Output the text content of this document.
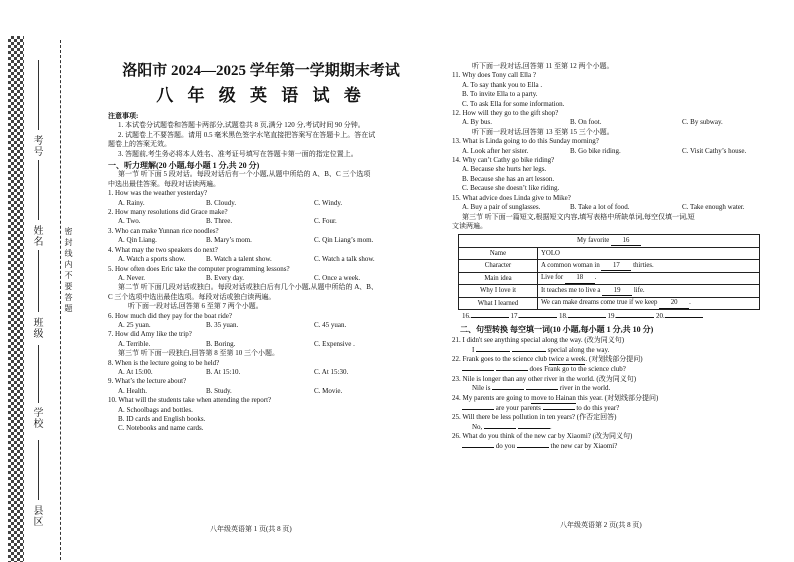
考号
姓名
班级
学校
县区
密 封 线 内 不 要 答 题
洛阳市 2024—2025 学年第一学期期末考试
八 年 级 英 语 试 卷
注意事项:
1. 本试卷分试题卷和答题卡两部分,试题卷共 8 页,满分 120 分,考试时间 90 分钟。
2. 试题卷上不要答题。请用 0.5 毫米黑色签字水笔直接把答案写在答题卡上。答在试
题卷上的答案无效。
3. 答题前,考生务必将本人姓名、准考证号填写在答题卡第一面的指定位置上。
一、听力理解(20 小题,每小题 1 分,共 20 分)
第一节 听下面 5 段对话。每段对话后有一个小题,从题中所给的 A、B、C 三个选项
中选出最佳答案。每段对话读两遍。
1. How was the weather yesterday?
A. Rainy.	B. Cloudy.	C. Windy.
2. How many resolutions did Grace make?
A. Two.	B. Three.	C. Four.
3. Who can make Yunnan rice noodles?
A. Qin Liang.	B. Mary’s mom.	C. Qin Liang’s mom.
4. What may the two speakers do next?
A. Watch a sports show.	B. Watch a talent show.	C. Watch a talk show.
5. How often does Eric take the computer programming lessons?
A. Never.	B. Every day.	C. Once a week.
第二节 听下面几段对话或独白。每段对话或独白后有几个小题,从题中所给的 A、B、
C 三个选项中选出最佳选项。每段对话或独白读两遍。
听下面一段对话,回答第 6 至第 7 两个小题。
6. How much did they pay for the boat ride?
A. 25 yuan.	B. 35 yuan.	C. 45 yuan.
7. How did Amy like the trip?
A. Terrible.	B. Boring.	C. Expensive .
第三节 听下面一段独白,回答第 8 至第 10 三个小题。
8. When is the lecture going to be held?
A. At 15:00.	B. At 15:10.	C. At 15:30.
9. What’s the lecture about?
A. Health.	B. Study.	C. Movie.
10. What will the students take when attending the report?
A. Schoolbags and bottles.
B. ID cards and English books.
C. Notebooks and name cards.
八年级英语第 1 页(共 8 页)
听下面一段对话,回答第 11 至第 12 两个小题。
11. Why does Tony call Ella ?
A. To say thank you to Ella .
B. To invite Ella to a party.
C. To ask Ella for some information.
12. How will they go to the gift shop?
A. By bus.	B. On foot.	C. By subway.
听下面一段对话,回答第 13 至第 15 三个小题。
13. What is Linda going to do this Sunday morning?
A. Look after her sister.	B. Go bike riding.	C. Visit Cathy’s house.
14. Why can’t Cathy go bike riding?
A. Because she hurts her legs.
B. Because she has an art lesson.
C. Because she doesn’t like riding.
15. What advice does Linda give to Mike?
A. Buy a pair of sunglasses.	B. Take a lot of food.	C. Take enough water.
第三节 听下面一篇短文,根据短文内容,填写表格中所缺单词,每空仅填一词,短
文读两遍。
My favorite 16	
Name	YOLO
Character	A common woman in 17 thirties.
Main idea	Live for 18 .
Why I love it	It teaches me to live a 19 life.
What I learned	We can make dreams come true if we keep 20 .
16.	17.	18.	19.	20.
二、句型转换 每空填一词(10 小题,每小题 1 分,共 10 分)
21. I didn't see anything special along the way. (改为同义句)
I	special along the way.
22. Frank goes to the science club twice a week. (对划线部分提问)
does Frank go to the science club?
23. Nile is longer than any other river in the world. (改为同义句)
Nile is	river in the world.
24. My parents are going to move to Hainan this year. (对划线部分提问)
are your parents	to do this year?
25. Will there be less pollution in ten years? (作否定回答)
No,	.
26. What do you think of the new car by Xiaomi? (改为同义句)
do you	the new car by Xiaomi?
八年级英语第 2 页(共 8 页)
